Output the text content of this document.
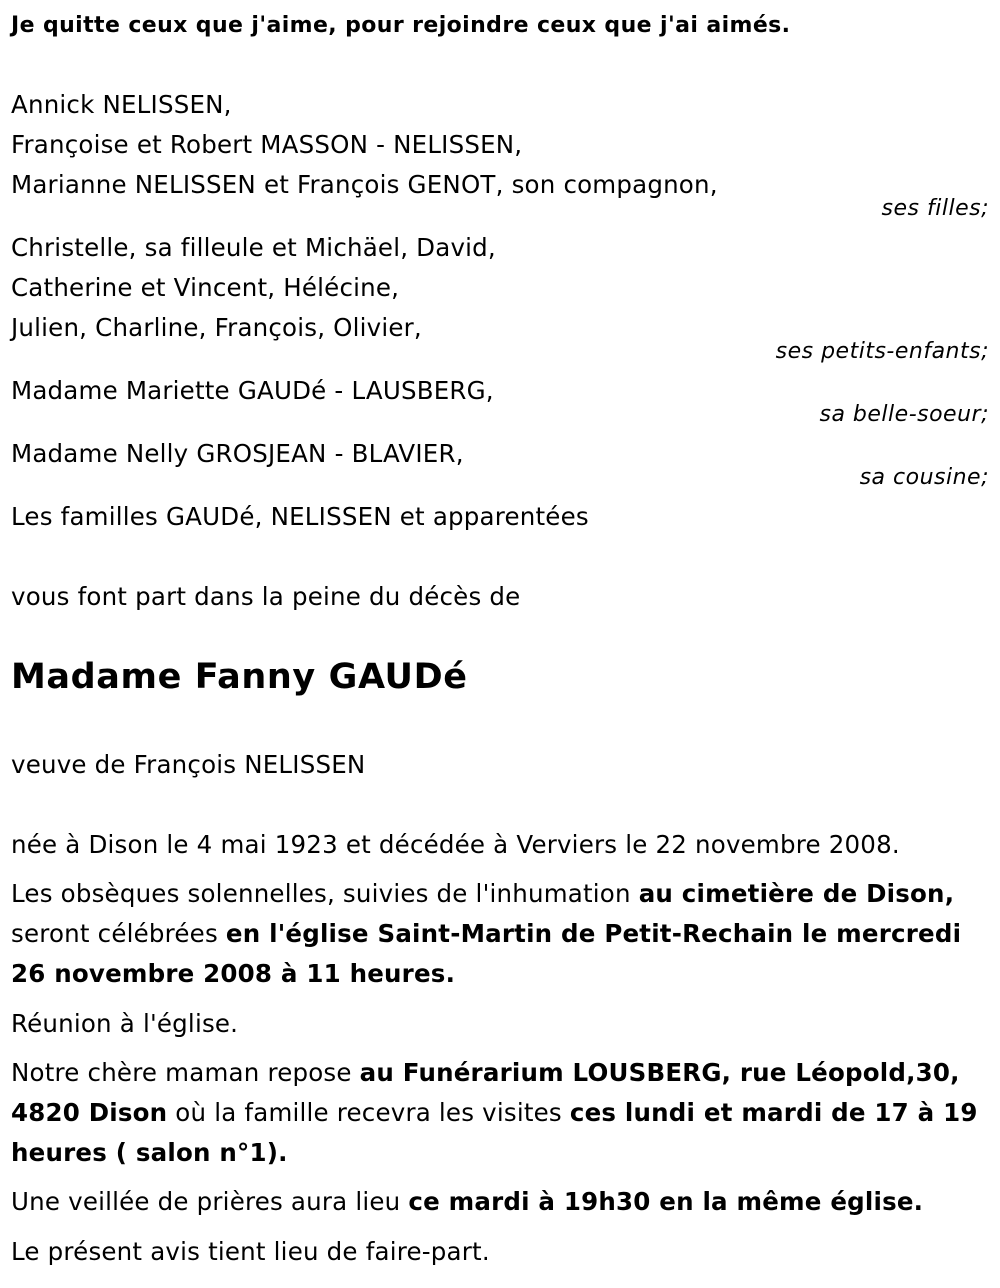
Je quitte ceux que j'aime, pour rejoindre ceux que j'ai aimés.
Annick NELISSEN,
Françoise et Robert MASSON - NELISSEN,
Marianne NELISSEN et François GENOT, son compagnon,
ses filles;
Christelle, sa filleule et Michäel, David,
Catherine et Vincent, Hélécine,
Julien, Charline, François, Olivier,
ses petits-enfants;
Madame Mariette GAUDé - LAUSBERG,
sa belle-soeur;
Madame Nelly GROSJEAN - BLAVIER,
sa cousine;
Les familles GAUDé, NELISSEN et apparentées
vous font part dans la peine du décès de
Madame Fanny GAUDé
veuve de François NELISSEN
née à Dison le 4 mai 1923 et décédée à Verviers le 22 novembre 2008.
Les obsèques solennelles, suivies de l'inhumation au cimetière de Dison,
seront célébrées en l'église Saint-Martin de Petit-Rechain le mercredi
26 novembre 2008 à 11 heures.
Réunion à l'église.
Notre chère maman repose au Funérarium LOUSBERG, rue Léopold,30,
4820 Dison où la famille recevra les visites ces lundi et mardi de 17 à 19
heures ( salon n°1).
Une veillée de prières aura lieu ce mardi à 19h30 en la même église.
Le présent avis tient lieu de faire-part.
